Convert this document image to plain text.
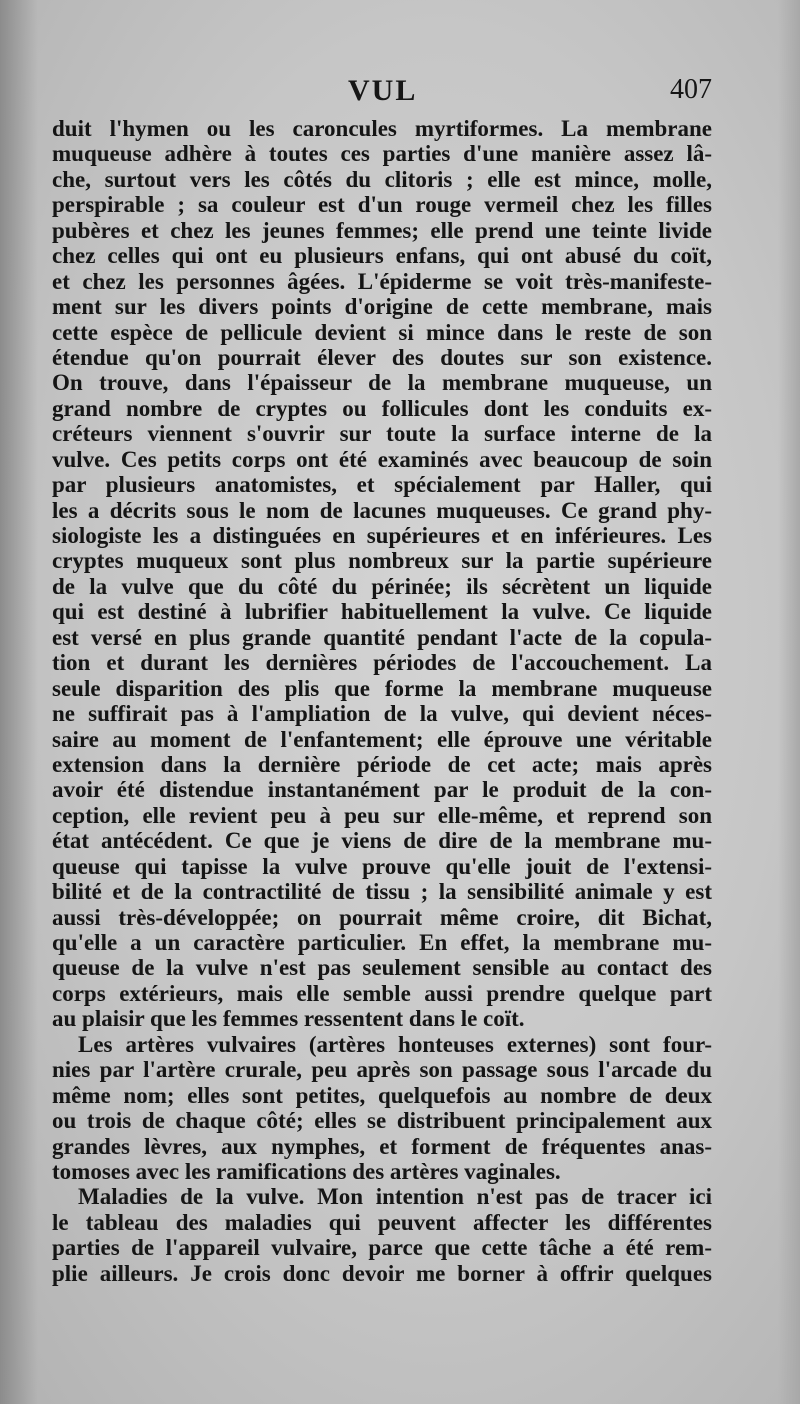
VUL	407
duit l'hymen ou les caroncules myrtiformes. La membrane
muqueuse adhère à toutes ces parties d'une manière assez lâ-
che, surtout vers les côtés du clitoris ; elle est mince, molle,
perspirable ; sa couleur est d'un rouge vermeil chez les filles
pubères et chez les jeunes femmes; elle prend une teinte livide
chez celles qui ont eu plusieurs enfans, qui ont abusé du coït,
et chez les personnes âgées. L'épiderme se voit très-manifeste-
ment sur les divers points d'origine de cette membrane, mais
cette espèce de pellicule devient si mince dans le reste de son
étendue qu'on pourrait élever des doutes sur son existence.
On trouve, dans l'épaisseur de la membrane muqueuse, un
grand nombre de cryptes ou follicules dont les conduits ex-
créteurs viennent s'ouvrir sur toute la surface interne de la
vulve. Ces petits corps ont été examinés avec beaucoup de soin
par plusieurs anatomistes, et spécialement par Haller, qui
les a décrits sous le nom de lacunes muqueuses. Ce grand phy-
siologiste les a distinguées en supérieures et en inférieures. Les
cryptes muqueux sont plus nombreux sur la partie supérieure
de la vulve que du côté du périnée; ils sécrètent un liquide
qui est destiné à lubrifier habituellement la vulve. Ce liquide
est versé en plus grande quantité pendant l'acte de la copula-
tion et durant les dernières périodes de l'accouchement. La
seule disparition des plis que forme la membrane muqueuse
ne suffirait pas à l'ampliation de la vulve, qui devient néces-
saire au moment de l'enfantement; elle éprouve une véritable
extension dans la dernière période de cet acte; mais après
avoir été distendue instantanément par le produit de la con-
ception, elle revient peu à peu sur elle-même, et reprend son
état antécédent. Ce que je viens de dire de la membrane mu-
queuse qui tapisse la vulve prouve qu'elle jouit de l'extensi-
bilité et de la contractilité de tissu ; la sensibilité animale y est
aussi très-développée; on pourrait même croire, dit Bichat,
qu'elle a un caractère particulier. En effet, la membrane mu-
queuse de la vulve n'est pas seulement sensible au contact des
corps extérieurs, mais elle semble aussi prendre quelque part
au plaisir que les femmes ressentent dans le coït.
Les artères vulvaires (artères honteuses externes) sont four-
nies par l'artère crurale, peu après son passage sous l'arcade du
même nom; elles sont petites, quelquefois au nombre de deux
ou trois de chaque côté; elles se distribuent principalement aux
grandes lèvres, aux nymphes, et forment de fréquentes anas-
tomoses avec les ramifications des artères vaginales.
Maladies de la vulve. Mon intention n'est pas de tracer ici
le tableau des maladies qui peuvent affecter les différentes
parties de l'appareil vulvaire, parce que cette tâche a été rem-
plie ailleurs. Je crois donc devoir me borner à offrir quelques
